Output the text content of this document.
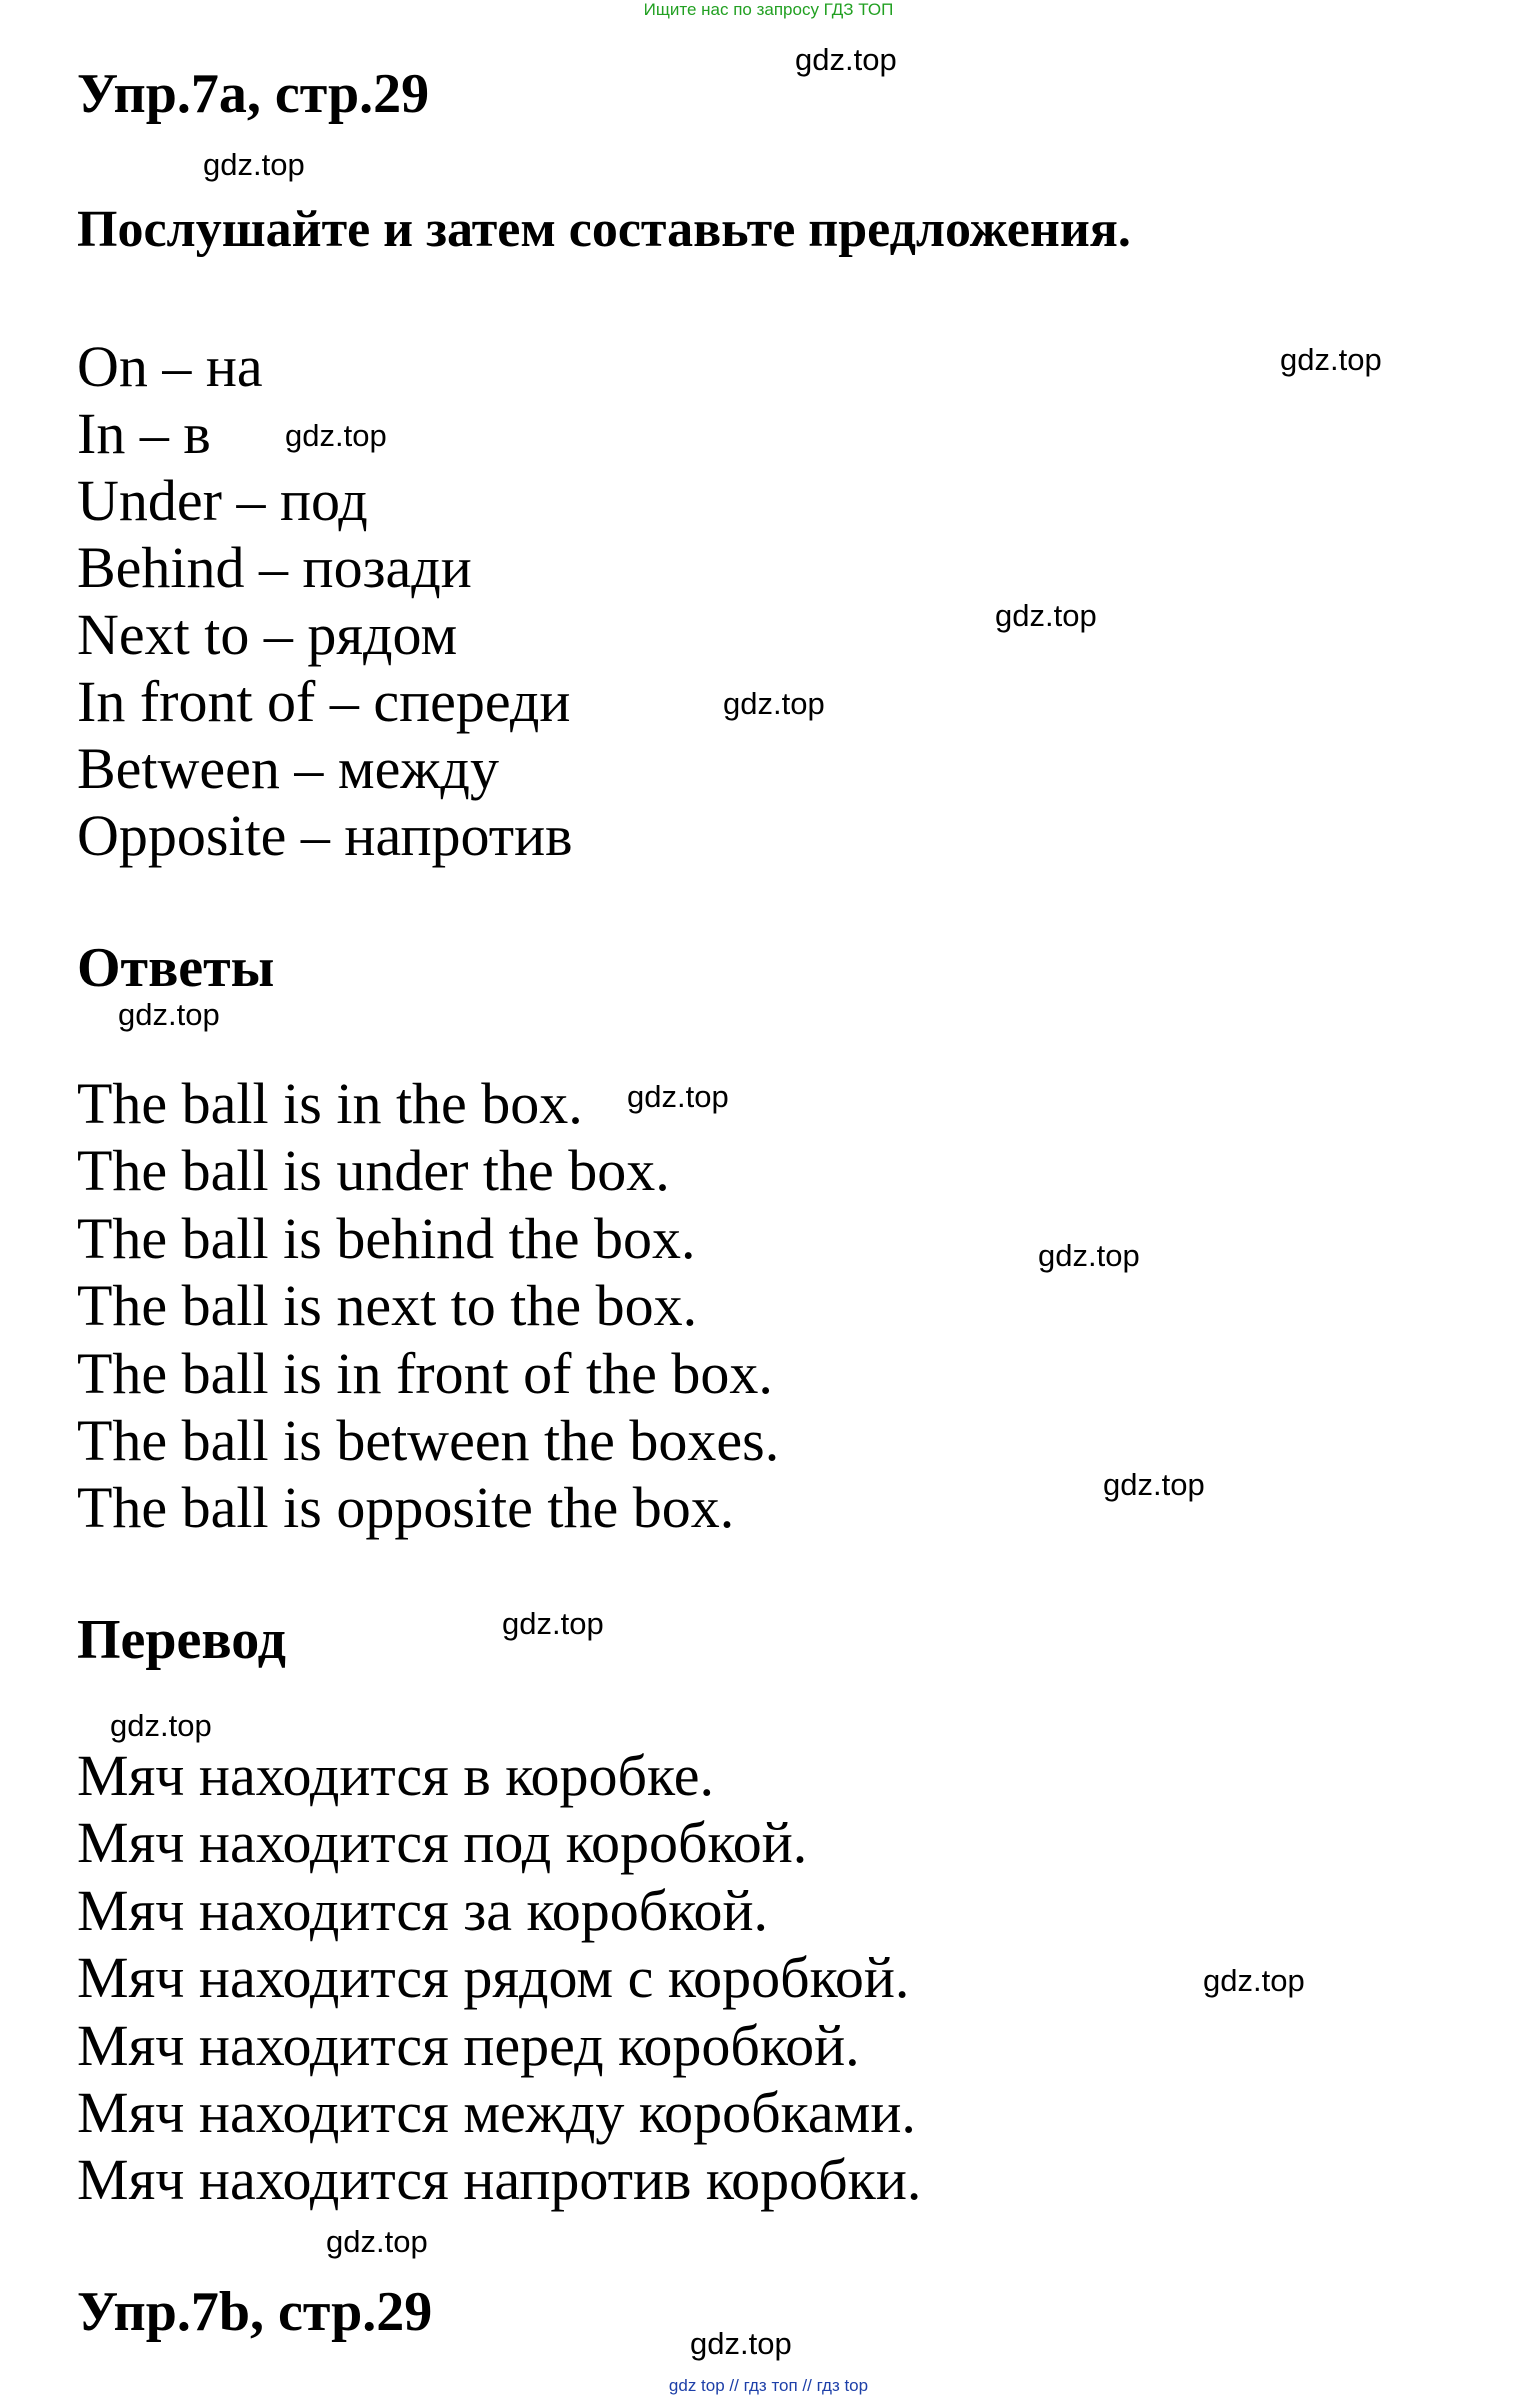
Ищите нас по запросу ГДЗ ТОП
Упр.7a, стр.29
Послушайте и затем составьте предложения.
On – на
In – в
Under – под
Behind – позади
Next to – рядом
In front of – спереди
Between – между
Opposite – напротив
Ответы
The ball is in the box.
The ball is under the box.
The ball is behind the box.
The ball is next to the box.
The ball is in front of the box.
The ball is between the boxes.
The ball is opposite the box.
Перевод
Мяч находится в коробке.
Мяч находится под коробкой.
Мяч находится за коробкой.
Мяч находится рядом с коробкой.
Мяч находится перед коробкой.
Мяч находится между коробками.
Мяч находится напротив коробки.
Упр.7b, стр.29
gdz.top
gdz.top
gdz.top
gdz.top
gdz.top
gdz.top
gdz.top
gdz.top
gdz.top
gdz.top
gdz.top
gdz.top
gdz.top
gdz.top
gdz.top
gdz top // гдз топ // гдз top
